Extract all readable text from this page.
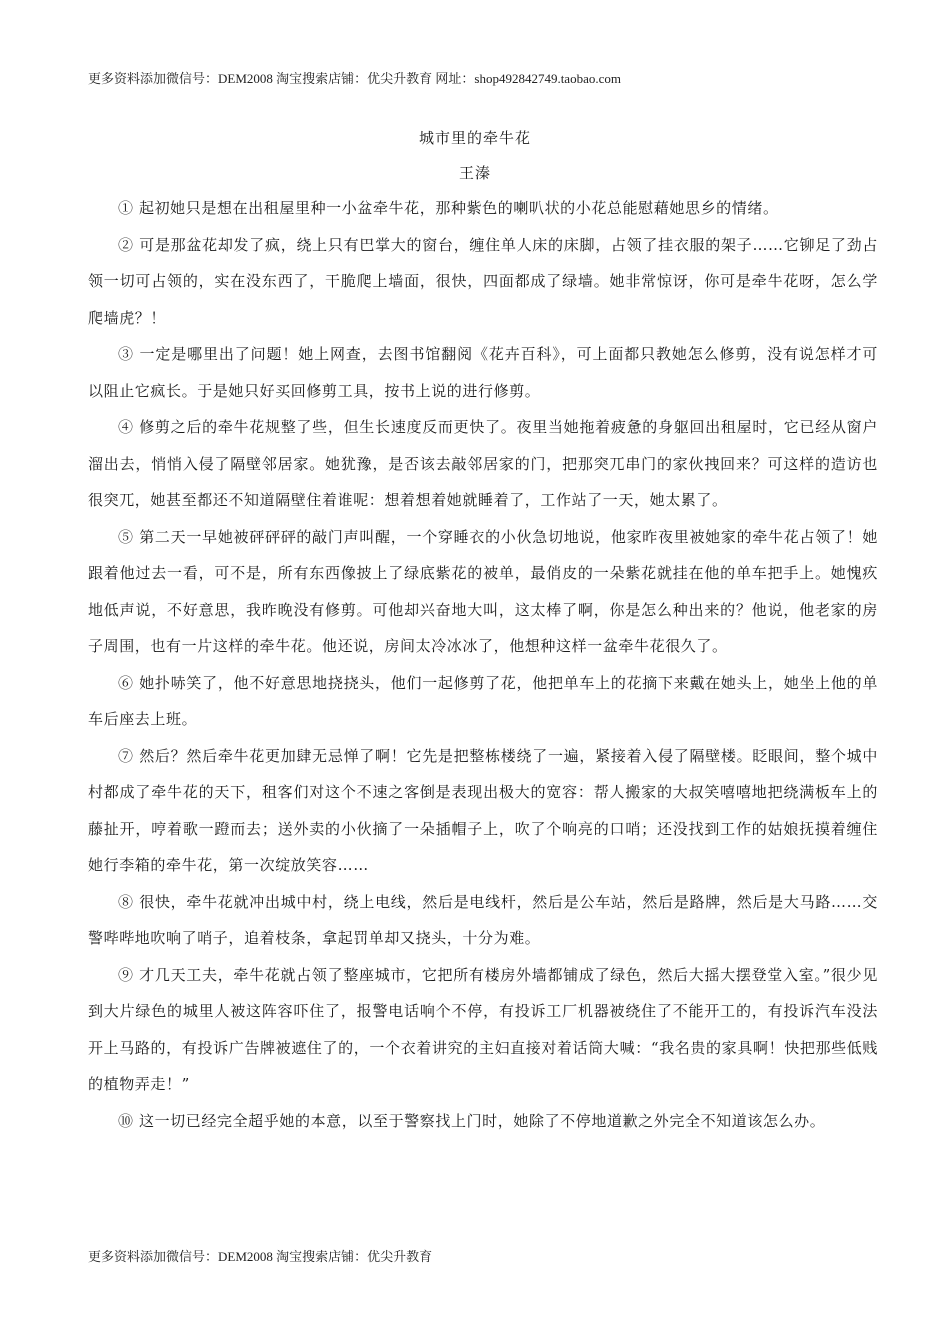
更多资料添加微信号：DEM2008 淘宝搜索店铺：优尖升教育 网址：shop492842749.taobao.com
城市里的牵牛花
王溱

① 起初她只是想在出租屋里种一小盆牵牛花，那种紫色的喇叭状的小花总能慰藉她思乡的情绪。

② 可是那盆花却发了疯，绕上只有巴掌大的窗台，缠住单人床的床脚，占领了挂衣服的架子……它铆足了劲占领一切可占领的，实在没东西了，干脆爬上墙面，很快，四面都成了绿墙。她非常惊讶，你可是牵牛花呀，怎么学爬墙虎？！

③ 一定是哪里出了问题！她上网查，去图书馆翻阅《花卉百科》，可上面都只教她怎么修剪，没有说怎样才可以阻止它疯长。于是她只好买回修剪工具，按书上说的进行修剪。

④ 修剪之后的牵牛花规整了些，但生长速度反而更快了。夜里当她拖着疲惫的身躯回出租屋时，它已经从窗户溜出去，悄悄入侵了隔壁邻居家。她犹豫，是否该去敲邻居家的门，把那突兀串门的家伙拽回来？可这样的造访也很突兀，她甚至都还不知道隔壁住着谁呢：想着想着她就睡着了，工作站了一天，她太累了。

⑤ 第二天一早她被砰砰砰的敲门声叫醒，一个穿睡衣的小伙急切地说，他家昨夜里被她家的牵牛花占领了！她跟着他过去一看，可不是，所有东西像披上了绿底紫花的被单，最俏皮的一朵紫花就挂在他的单车把手上。她愧疚地低声说，不好意思，我昨晚没有修剪。可他却兴奋地大叫，这太棒了啊，你是怎么种出来的？他说，他老家的房子周围，也有一片这样的牵牛花。他还说，房间太冷冰冰了，他想种这样一盆牵牛花很久了。

⑥ 她扑哧笑了，他不好意思地挠挠头，他们一起修剪了花，他把单车上的花摘下来戴在她头上，她坐上他的单车后座去上班。

⑦ 然后？然后牵牛花更加肆无忌惮了啊！它先是把整栋楼绕了一遍，紧接着入侵了隔壁楼。眨眼间，整个城中村都成了牵牛花的天下，租客们对这个不速之客倒是表现出极大的宽容：帮人搬家的大叔笑嘻嘻地把绕满板车上的藤扯开，哼着歌一蹬而去；送外卖的小伙摘了一朵插帽子上，吹了个响亮的口哨；还没找到工作的姑娘抚摸着缠住她行李箱的牵牛花，第一次绽放笑容……

⑧ 很快，牵牛花就冲出城中村，绕上电线，然后是电线杆，然后是公车站，然后是路牌，然后是大马路……交警哔哔地吹响了哨子，追着枝条，拿起罚单却又挠头，十分为难。

⑨ 才几天工夫，牵牛花就占领了整座城市，它把所有楼房外墙都铺成了绿色，然后大摇大摆登堂入室。”很少见到大片绿色的城里人被这阵容吓住了，报警电话响个不停，有投诉工厂机器被绕住了不能开工的，有投诉汽车没法开上马路的，有投诉广告牌被遮住了的，一个衣着讲究的主妇直接对着话筒大喊：“我名贵的家具啊！快把那些低贱的植物弄走！”

⑩ 这一切已经完全超乎她的本意，以至于警察找上门时，她除了不停地道歉之外完全不知道该怎么办。

更多资料添加微信号：DEM2008 淘宝搜索店铺：优尖升教育
